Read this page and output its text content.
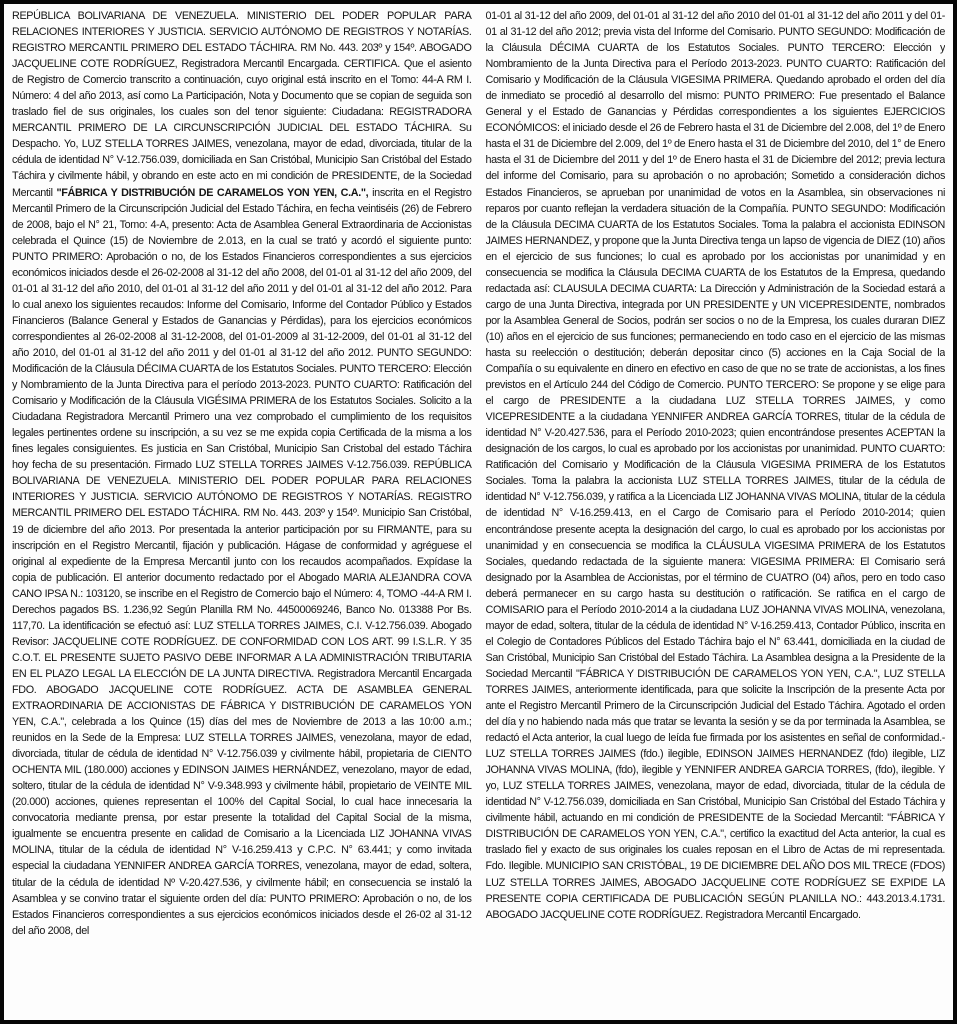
REPÚBLICA BOLIVARIANA DE VENEZUELA. MINISTERIO DEL PODER POPULAR PARA RELACIONES INTERIORES Y JUSTICIA. SERVICIO AUTÓNOMO DE REGISTROS Y NOTARÍAS. REGISTRO MERCANTIL PRIMERO DEL ESTADO TÁCHIRA. RM No. 443. 203º y 154º. ABOGADO JACQUELINE COTE RODRÍGUEZ, Registradora Mercantil Encargada. CERTIFICA. Que el asiento de Registro de Comercio transcrito a continuación, cuyo original está inscrito en el Tomo: 44-A RM I. Número: 4 del año 2013, así como La Participación, Nota y Documento que se copian de seguida son traslado fiel de sus originales, los cuales son del tenor siguiente: Ciudadana: REGISTRADORA MERCANTIL PRIMERO DE LA CIRCUNSCRIPCIÓN JUDICIAL DEL ESTADO TÁCHIRA. Su Despacho. Yo, LUZ STELLA TORRES JAIMES, venezolana, mayor de edad, divorciada, titular de la cédula de identidad N° V-12.756.039, domiciliada en San Cristóbal, Municipio San Cristóbal del Estado Táchira y civilmente hábil, y obrando en este acto en mi condición de PRESIDENTE, de la Sociedad Mercantil "FÁBRICA Y DISTRIBUCIÓN DE CARAMELOS YON YEN, C.A.", inscrita en el Registro Mercantil Primero de la Circunscripción Judicial del Estado Táchira, en fecha veintiséis (26) de Febrero de 2008, bajo el N° 21, Tomo: 4-A, presento: Acta de Asamblea General Extraordinaria de Accionistas celebrada el Quince (15) de Noviembre de 2.013, en la cual se trató y acordó el siguiente punto: PUNTO PRIMERO: Aprobación o no, de los Estados Financieros correspondientes a sus ejercicios económicos iniciados desde el 26-02-2008 al 31-12 del año 2008, del 01-01 al 31-12 del año 2009, del 01-01 al 31-12 del año 2010, del 01-01 al 31-12 del año 2011 y del 01-01 al 31-12 del año 2012. Para lo cual anexo los siguientes recaudos: Informe del Comisario, Informe del Contador Público y Estados Financieros (Balance General y Estados de Ganancias y Pérdidas), para los ejercicios económicos correspondientes al 26-02-2008 al 31-12-2008, del 01-01-2009 al 31-12-2009, del 01-01 al 31-12 del año 2010, del 01-01 al 31-12 del año 2011 y del 01-01 al 31-12 del año 2012. PUNTO SEGUNDO: Modificación de la Cláusula DÉCIMA CUARTA de los Estatutos Sociales. PUNTO TERCERO: Elección y Nombramiento de la Junta Directiva para el período 2013-2023. PUNTO CUARTO: Ratificación del Comisario y Modificación de la Cláusula VIGÉSIMA PRIMERA de los Estatutos Sociales. Solicito a la Ciudadana Registradora Mercantil Primero una vez comprobado el cumplimiento de los requisitos legales pertinentes ordene su inscripción, a su vez se me expida copia Certificada de la misma a los fines legales consiguientes. Es justicia en San Cristóbal, Municipio San Cristobal del estado Táchira hoy fecha de su presentación. Firmado LUZ STELLA TORRES JAIMES V-12.756.039. REPÚBLICA BOLIVARIANA DE VENEZUELA. MINISTERIO DEL PODER POPULAR PARA RELACIONES INTERIORES Y JUSTICIA. SERVICIO AUTÓNOMO DE REGISTROS Y NOTARÍAS. REGISTRO MERCANTIL PRIMERO DEL ESTADO TÁCHIRA. RM No. 443. 203º y 154º. Municipio San Cristóbal, 19 de diciembre del año 2013. Por presentada la anterior participación por su FIRMANTE, para su inscripción en el Registro Mercantil, fijación y publicación. Hágase de conformidad y agréguese el original al expediente de la Empresa Mercantil junto con los recaudos acompañados. Expídase la copia de publicación. El anterior documento redactado por el Abogado MARIA ALEJANDRA COVA CANO IPSA N.: 103120, se inscribe en el Registro de Comercio bajo el Número: 4, TOMO -44-A RM I. Derechos pagados BS. 1.236,92 Según Planilla RM No. 44500069246, Banco No. 013388 Por Bs. 117,70. La identificación se efectuó así: LUZ STELLA TORRES JAIMES, C.I. V-12.756.039. Abogado Revisor: JACQUELINE COTE RODRÍGUEZ. DE CONFORMIDAD CON LOS ART. 99 I.S.L.R. Y 35 C.O.T. EL PRESENTE SUJETO PASIVO DEBE INFORMAR A LA ADMINISTRACIÓN TRIBUTARIA EN EL PLAZO LEGAL LA ELECCIÓN DE LA JUNTA DIRECTIVA. Registradora Mercantil Encargada FDO. ABOGADO JACQUELINE COTE RODRÍGUEZ. ACTA DE ASAMBLEA GENERAL EXTRAORDINARIA DE ACCIONISTAS DE FÁBRICA Y DISTRIBUCIÓN DE CARAMELOS YON YEN, C.A.", celebrada a los Quince (15) días del mes de Noviembre de 2013 a las 10:00 a.m.; reunidos en la Sede de la Empresa: LUZ STELLA TORRES JAIMES, venezolana, mayor de edad, divorciada, titular de cédula de identidad N° V-12.756.039 y civilmente hábil, propietaria de CIENTO OCHENTA MIL (180.000) acciones y EDINSON JAIMES HERNÁNDEZ, venezolano, mayor de edad, soltero, titular de la cédula de identidad N° V-9.348.993 y civilmente hábil, propietario de VEINTE MIL (20.000) acciones, quienes representan el 100% del Capital Social, lo cual hace innecesaria la convocatoria mediante prensa, por estar presente la totalidad del Capital Social de la misma, igualmente se encuentra presente en calidad de Comisario a la Licenciada LIZ JOHANNA VIVAS MOLINA, titular de la cédula de identidad N° V-16.259.413 y C.P.C. N° 63.441; y como invitada especial la ciudadana YENNIFER ANDREA GARCÍA TORRES, venezolana, mayor de edad, soltera, titular de la cédula de identidad Nº V-20.427.536, y civilmente hábil; en consecuencia se instaló la Asamblea y se convino tratar el siguiente orden del día: PUNTO PRIMERO: Aprobación o no, de los Estados Financieros correspondientes a sus ejercicios económicos iniciados desde el 26-02 al 31-12 del año 2008, del

01-01 al 31-12 del año 2009, del 01-01 al 31-12 del año 2010 del 01-01 al 31-12 del año 2011 y del 01-01 al 31-12 del año 2012; previa vista del Informe del Comisario. PUNTO SEGUNDO: Modificación de la Cláusula DÉCIMA CUARTA de los Estatutos Sociales. PUNTO TERCERO: Elección y Nombramiento de la Junta Directiva para el Período 2013-2023. PUNTO CUARTO: Ratificación del Comisario y Modificación de la Cláusula VIGESIMA PRIMERA. Quedando aprobado el orden del día de inmediato se procedió al desarrollo del mismo: PUNTO PRIMERO: Fue presentado el Balance General y el Estado de Ganancias y Pérdidas correspondientes a los siguientes EJERCICIOS ECONÓMICOS: el iniciado desde el 26 de Febrero hasta el 31 de Diciembre del 2.008, del 1º de Enero hasta el 31 de Diciembre del 2.009, del 1º de Enero hasta el 31 de Diciembre del 2010, del 1° de Enero hasta el 31 de Diciembre del 2011 y del 1º de Enero hasta el 31 de Diciembre del 2012; previa lectura del informe del Comisario, para su aprobación o no aprobación; Sometido a consideración dichos Estados Financieros, se aprueban por unanimidad de votos en la Asamblea, sin observaciones ni reparos por cuanto reflejan la verdadera situación de la Compañía. PUNTO SEGUNDO: Modificación de la Cláusula DECIMA CUARTA de los Estatutos Sociales. Toma la palabra el accionista EDINSON JAIMES HERNANDEZ, y propone que la Junta Directiva tenga un lapso de vigencia de DIEZ (10) años en el ejercicio de sus funciones; lo cual es aprobado por los accionistas por unanimidad y en consecuencia se modifica la Cláusula DECIMA CUARTA de los Estatutos de la Empresa, quedando redactada así: CLAUSULA DECIMA CUARTA: La Dirección y Administración de la Sociedad estará a cargo de una Junta Directiva, integrada por UN PRESIDENTE y UN VICEPRESIDENTE, nombrados por la Asamblea General de Socios, podrán ser socios o no de la Empresa, los cuales duraran DIEZ (10) años en el ejercicio de sus funciones; permaneciendo en todo caso en el ejercicio de las mismas hasta su reelección o destitución; deberán depositar cinco (5) acciones en la Caja Social de la Compañía o su equivalente en dinero en efectivo en caso de que no se trate de accionistas, a los fines previstos en el Artículo 244 del Código de Comercio. PUNTO TERCERO: Se propone y se elige para el cargo de PRESIDENTE a la ciudadana LUZ STELLA TORRES JAIMES, y como VICEPRESIDENTE a la ciudadana YENNIFER ANDREA GARCÍA TORRES, titular de la cédula de identidad N° V-20.427.536, para el Período 2010-2023; quien encontrándose presentes ACEPTAN la designación de los cargos, lo cual es aprobado por los accionistas por unanimidad. PUNTO CUARTO: Ratificación del Comisario y Modificación de la Cláusula VIGESIMA PRIMERA de los Estatutos Sociales. Toma la palabra la accionista LUZ STELLA TORRES JAIMES, titular de la cédula de identidad N° V-12.756.039, y ratifica a la Licenciada LIZ JOHANNA VIVAS MOLINA, titular de la cédula de identidad N° V-16.259.413, en el Cargo de Comisario para el Período 2010-2014; quien encontrándose presente acepta la designación del cargo, lo cual es aprobado por los accionistas por unanimidad y en consecuencia se modifica la CLÁUSULA VIGESIMA PRIMERA de los Estatutos Sociales, quedando redactada de la siguiente manera: VIGESIMA PRIMERA: El Comisario será designado por la Asamblea de Accionistas, por el término de CUATRO (04) años, pero en todo caso deberá permanecer en su cargo hasta su destitución o ratificación. Se ratifica en el cargo de COMISARIO para el Período 2010-2014 a la ciudadana LUZ JOHANNA VIVAS MOLINA, venezolana, mayor de edad, soltera, titular de la cédula de identidad N° V-16.259.413, Contador Público, inscrita en el Colegio de Contadores Públicos del Estado Táchira bajo el N° 63.441, domiciliada en la ciudad de San Cristóbal, Municipio San Cristóbal del Estado Táchira. La Asamblea designa a la Presidente de la Sociedad Mercantil "FÁBRICA Y DISTRIBUCIÓN DE CARAMELOS YON YEN, C.A.", LUZ STELLA TORRES JAIMES, anteriormente identificada, para que solicite la Inscripción de la presente Acta por ante el Registro Mercantil Primero de la Circunscripción Judicial del Estado Táchira. Agotado el orden del día y no habiendo nada más que tratar se levanta la sesión y se da por terminada la Asamblea, se redactó el Acta anterior, la cual luego de leída fue firmada por los asistentes en señal de conformidad.- LUZ STELLA TORRES JAIMES (fdo.) ilegible, EDINSON JAIMES HERNANDEZ (fdo) ilegible, LIZ JOHANNA VIVAS MOLINA, (fdo), ilegible y YENNIFER ANDREA GARCIA TORRES, (fdo), ilegible. Y yo, LUZ STELLA TORRES JAIMES, venezolana, mayor de edad, divorciada, titular de la cédula de identidad N° V-12.756.039, domiciliada en San Cristóbal, Municipio San Cristóbal del Estado Táchira y civilmente hábil, actuando en mi condición de PRESIDENTE de la Sociedad Mercantil: "FÁBRICA Y DISTRIBUCIÓN DE CARAMELOS YON YEN, C.A.", certifico la exactitud del Acta anterior, la cual es traslado fiel y exacto de sus originales los cuales reposan en el Libro de Actas de mi representada. Fdo. Ilegible. MUNICIPIO SAN CRISTÓBAL, 19 DE DICIEMBRE DEL AÑO DOS MIL TRECE (FDOS) LUZ STELLA TORRES JAIMES, ABOGADO JACQUELINE COTE RODRÍGUEZ SE EXPIDE LA PRESENTE COPIA CERTIFICADA DE PUBLICACIÓN SEGÚN PLANILLA NO.: 443.2013.4.1731. ABOGADO JACQUELINE COTE RODRÍGUEZ. Registradora Mercantil Encargado.
